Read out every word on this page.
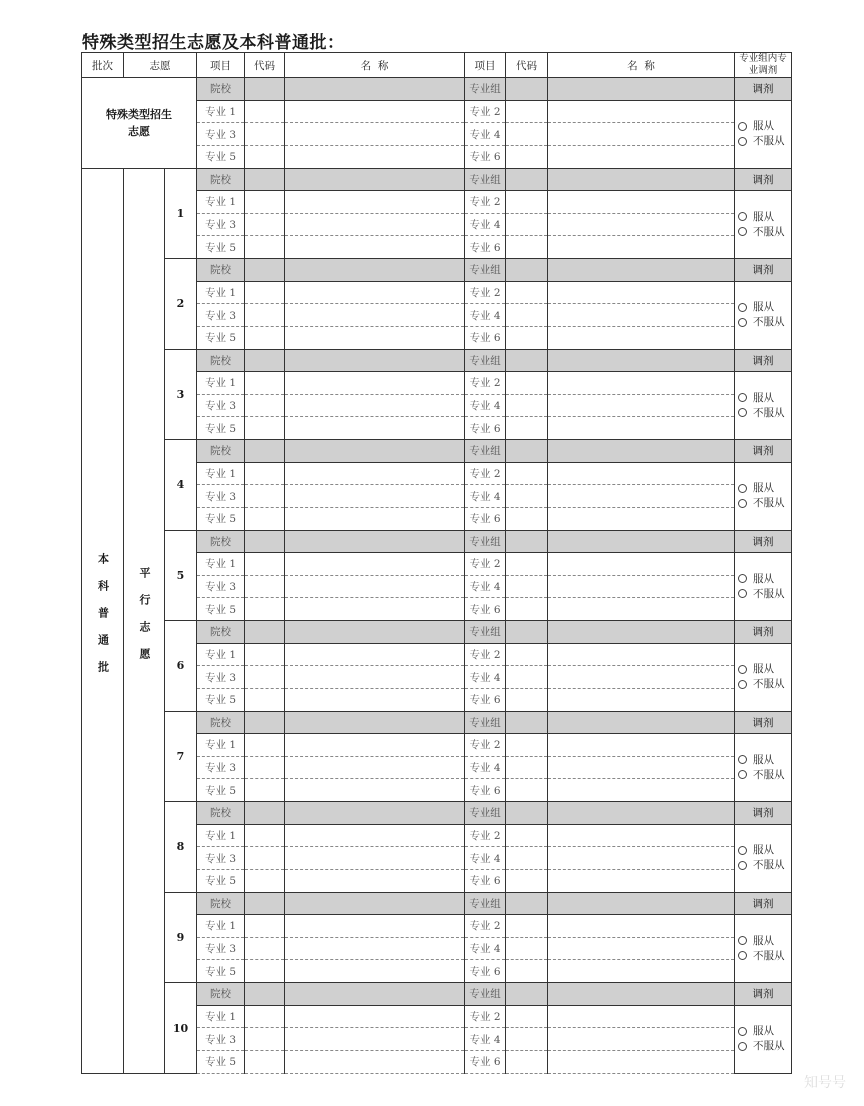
特殊类型招生志愿及本科普通批：
批次	志愿		项目	代码	名  称	项目	代码	名  称	专业组内专业调剂
特殊类型招生志愿			院校			专业组			调剂
			专业 1			专业 2			服从
不服从

			专业 3			专业 4			
			专业 5			专业 6			
本科普通批	平行志愿	1	院校			专业组			调剂
			专业 1			专业 2			服从
不服从

			专业 3			专业 4			
			专业 5			专业 6			
		2	院校			专业组			调剂
			专业 1			专业 2			服从
不服从

			专业 3			专业 4			
			专业 5			专业 6			
		3	院校			专业组			调剂
			专业 1			专业 2			服从
不服从

			专业 3			专业 4			
			专业 5			专业 6			
		4	院校			专业组			调剂
			专业 1			专业 2			服从
不服从

			专业 3			专业 4			
			专业 5			专业 6			
		5	院校			专业组			调剂
			专业 1			专业 2			服从
不服从

			专业 3			专业 4			
			专业 5			专业 6			
		6	院校			专业组			调剂
			专业 1			专业 2			服从
不服从

			专业 3			专业 4			
			专业 5			专业 6			
		7	院校			专业组			调剂
			专业 1			专业 2			服从
不服从

			专业 3			专业 4			
			专业 5			专业 6			
		8	院校			专业组			调剂
			专业 1			专业 2			服从
不服从

			专业 3			专业 4			
			专业 5			专业 6			
		9	院校			专业组			调剂
			专业 1			专业 2			服从
不服从

			专业 3			专业 4			
			专业 5			专业 6			
		10	院校			专业组			调剂
			专业 1			专业 2			服从
不服从

			专业 3			专业 4			
			专业 5			专业 6			
知号号
